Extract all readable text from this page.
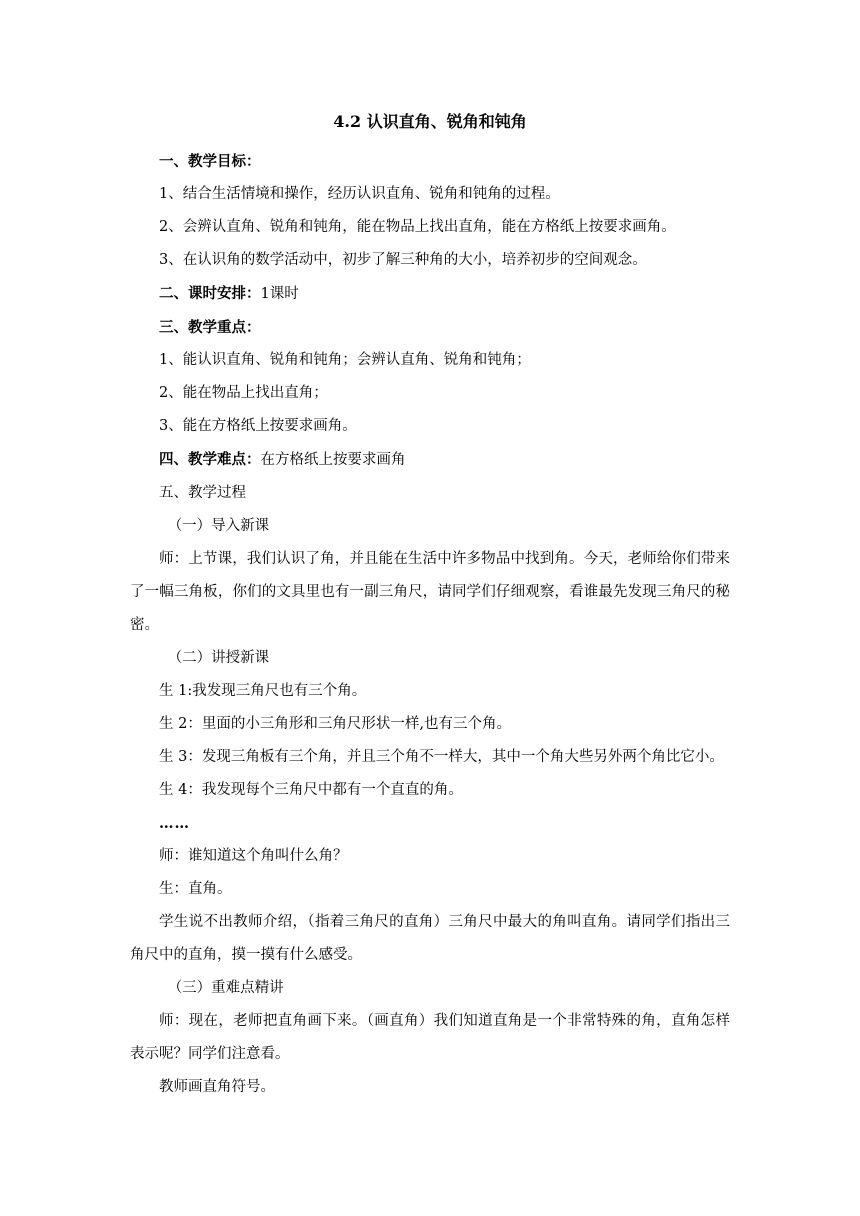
4.2 认识直角、锐角和钝角

一、教学目标：

1、结合生活情境和操作，经历认识直角、锐角和钝角的过程。

2、会辨认直角、锐角和钝角，能在物品上找出直角，能在方格纸上按要求画角。

3、在认识角的数学活动中，初步了解三种角的大小，培养初步的空间观念。

二、课时安排：1课时

三、教学重点：

1、能认识直角、锐角和钝角；会辨认直角、锐角和钝角；

2、能在物品上找出直角；

3、能在方格纸上按要求画角。

四、教学难点：在方格纸上按要求画角

五、教学过程

（一）导入新课

师：上节课，我们认识了角，并且能在生活中许多物品中找到角。今天，老师给你们带来了一幅三角板，你们的文具里也有一副三角尺，请同学们仔细观察，看谁最先发现三角尺的秘密。

（二）讲授新课

生 1:我发现三角尺也有三个角。

生 2：里面的小三角形和三角尺形状一样,也有三个角。

生 3：发现三角板有三个角，并且三个角不一样大，其中一个角大些另外两个角比它小。

生 4：我发现每个三角尺中都有一个直直的角。

……

师：谁知道这个角叫什么角？

生：直角。

学生说不出教师介绍，（指着三角尺的直角）三角尺中最大的角叫直角。请同学们指出三角尺中的直角，摸一摸有什么感受。

（三）重难点精讲

师：现在，老师把直角画下来。（画直角）我们知道直角是一个非常特殊的角，直角怎样表示呢？同学们注意看。

教师画直角符号。
